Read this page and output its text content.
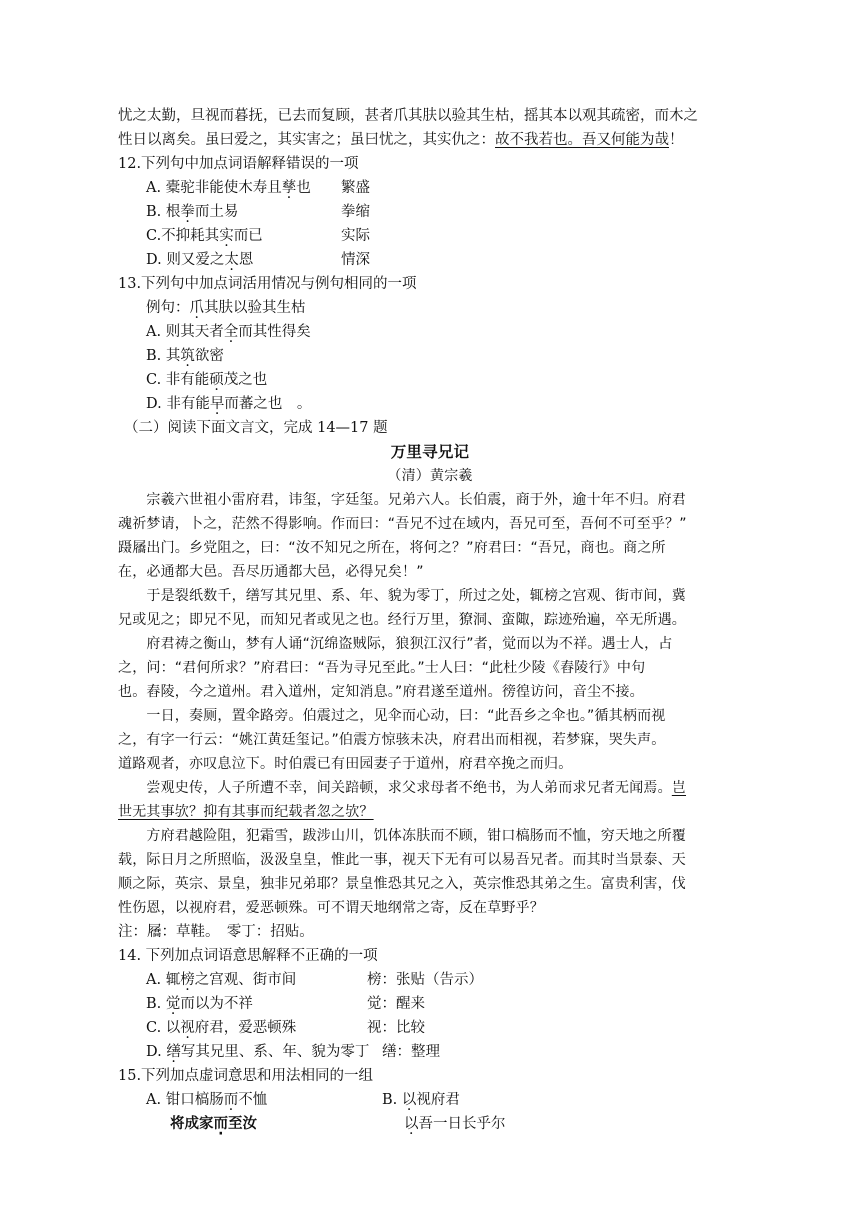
忧之太勤，旦视而暮抚，已去而复顾，甚者爪其肤以验其生枯，摇其本以观其疏密，而木之
性日以离矣。虽曰爱之，其实害之；虽曰忧之，其实仇之：故不我若也。吾又何能为哉！
12.下列句中加点词语解释错误的一项
A. 橐驼非能使木寿且孳也 繁盛
B. 根拳而土易	拳缩
C.不抑耗其实而已	实际
D. 则又爱之太恩	情深
13.下列句中加点词活用情况与例句相同的一项
例句：爪其肤以验其生枯
A. 则其天者全而其性得矣
B. 其筑欲密
C. 非有能硕茂之也
D. 非有能早而蕃之也　。
（二）阅读下面文言文，完成 14—17 题
万里寻兄记
（清）黄宗羲
　　宗羲六世祖小雷府君，讳玺，字廷玺。兄弟六人。长伯震，商于外，逾十年不归。府君
魂祈梦请，卜之，茫然不得影响。作而曰：“吾兄不过在域内，吾兄可至，吾何不可至乎？”
蹑屩出门。乡党阻之，曰：“汝不知兄之所在，将何之？”府君曰：“吾兄，商也。商之所
在，必通都大邑。吾尽历通都大邑，必得兄矣！”
　　于是裂纸数千，缮写其兄里、系、年、貌为零丁，所过之处，辄榜之宫观、街市间，冀
兄或见之；即兄不见，而知兄者或见之也。经行万里，獠洞、蛮陬，踪迹殆遍，卒无所遇。
　　府君祷之衡山，梦有人诵“沉绵盗贼际，狼狈江汉行”者，觉而以为不祥。遇士人，占
之，问：“君何所求？”府君曰：“吾为寻兄至此。”士人曰：“此杜少陵《舂陵行》中句
也。舂陵，今之道州。君入道州，定知消息。”府君遂至道州。徬徨访问，音尘不接。
　　一日，奏厕，置伞路旁。伯震过之，见伞而心动，曰：“此吾乡之伞也。”循其柄而视
之，有字一行云：“姚江黄廷玺记。”伯震方惊骇未决，府君出而相视，若梦寐，哭失声。
道路观者，亦叹息泣下。时伯震已有田园妻子于道州，府君卒挽之而归。
　　尝观史传，人子所遭不幸，间关踣顿，求父求母者不绝书，为人弟而求兄者无闻焉。岂
世无其事欤？抑有其事而纪载者忽之欤？
　　方府君越险阻，犯霜雪，跋涉山川，饥体冻肤而不顾，钳口槁肠而不恤，穷天地之所覆
载，际日月之所照临，汲汲皇皇，惟此一事，视天下无有可以易吾兄者。而其时当景泰、天
顺之际，英宗、景皇，独非兄弟耶？景皇惟恐其兄之入，英宗惟恐其弟之生。富贵利害，伐
性伤恩，以视府君，爱恶顿殊。可不谓天地纲常之寄，反在草野乎？
注：屩：草鞋。　零丁：招贴。
14. 下列加点词语意思解释不正确的一项
A. 辄榜之宫观、街市间	榜：张贴（告示）
B. 觉而以为不祥	觉：醒来
C. 以视府君，爱恶顿殊	视：比较
D. 缮写其兄里、系、年、貌为零丁 缮：整理
15.下列加点虚词意思和用法相同的一组
A. 钳口槁肠而不恤	B. 以视府君
将成家而至汝	以吾一日长乎尔
